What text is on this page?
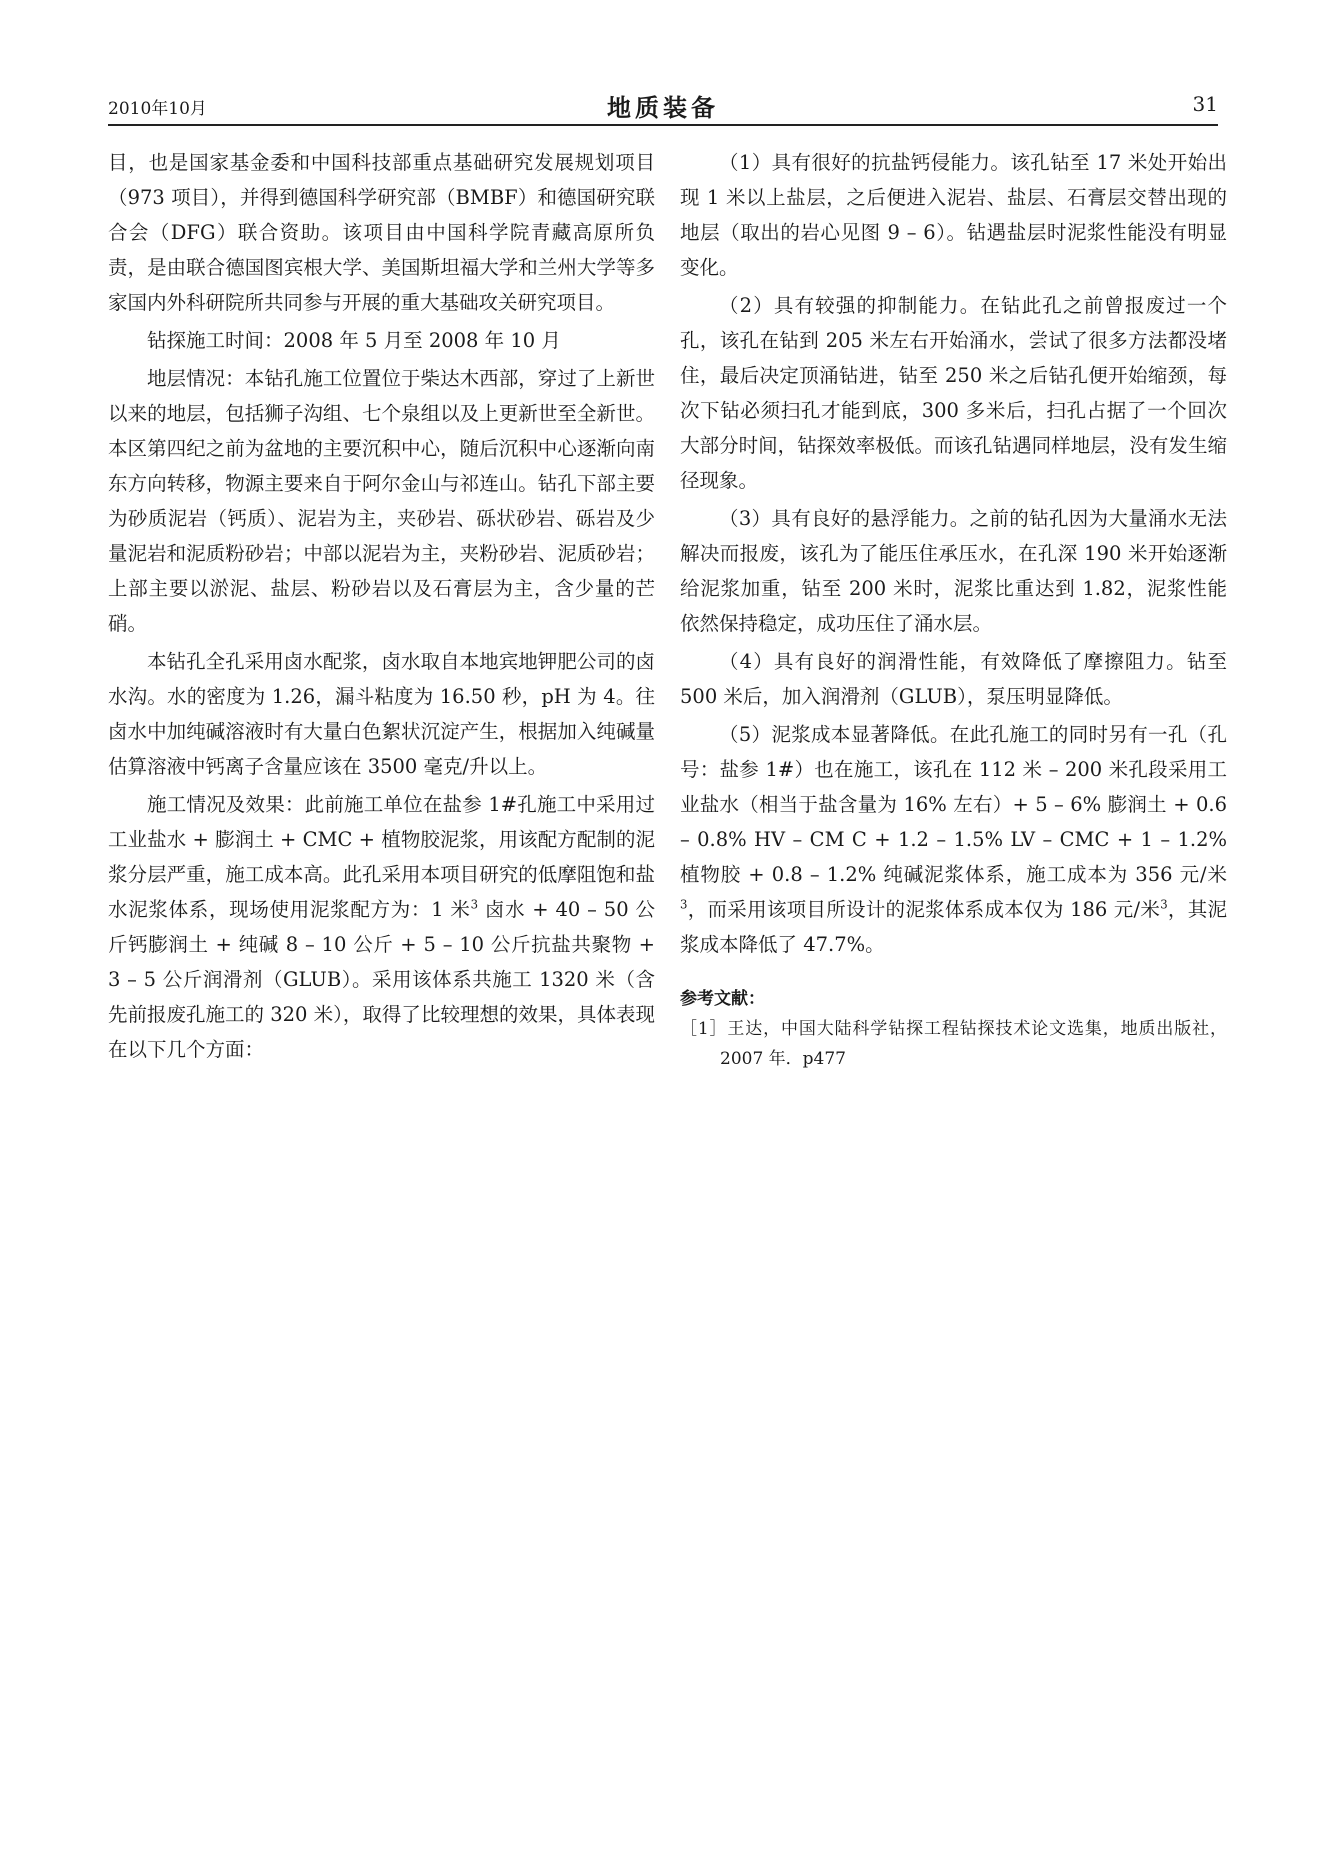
2010年10月	地质装备	31

目，也是国家基金委和中国科技部重点基础研究发展规划项目（973 项目），并得到德国科学研究部（BMBF）和德国研究联合会（DFG）联合资助。该项目由中国科学院青藏高原所负责，是由联合德国图宾根大学、美国斯坦福大学和兰州大学等多家国内外科研院所共同参与开展的重大基础攻关研究项目。

钻探施工时间：2008 年 5 月至 2008 年 10 月

地层情况：本钻孔施工位置位于柴达木西部，穿过了上新世以来的地层，包括狮子沟组、七个泉组以及上更新世至全新世。本区第四纪之前为盆地的主要沉积中心，随后沉积中心逐渐向南东方向转移，物源主要来自于阿尔金山与祁连山。钻孔下部主要为砂质泥岩（钙质）、泥岩为主，夹砂岩、砾状砂岩、砾岩及少量泥岩和泥质粉砂岩；中部以泥岩为主，夹粉砂岩、泥质砂岩；上部主要以淤泥、盐层、粉砂岩以及石膏层为主，含少量的芒硝。

本钻孔全孔采用卤水配浆，卤水取自本地宾地钾肥公司的卤水沟。水的密度为 1.26，漏斗粘度为 16.50 秒，pH 为 4。往卤水中加纯碱溶液时有大量白色絮状沉淀产生，根据加入纯碱量估算溶液中钙离子含量应该在 3500 毫克/升以上。

施工情况及效果：此前施工单位在盐参 1#孔施工中采用过工业盐水 + 膨润土 + CMC + 植物胶泥浆，用该配方配制的泥浆分层严重，施工成本高。此孔采用本项目研究的低摩阻饱和盐水泥浆体系，现场使用泥浆配方为：1 米$^3$ 卤水 + 40 – 50 公斤钙膨润土 + 纯碱 8 – 10 公斤 + 5 – 10 公斤抗盐共聚物 + 3 – 5 公斤润滑剂（GLUB）。采用该体系共施工 1320 米（含先前报废孔施工的 320 米），取得了比较理想的效果，具体表现在以下几个方面：

（1）具有很好的抗盐钙侵能力。该孔钻至 17 米处开始出现 1 米以上盐层，之后便进入泥岩、盐层、石膏层交替出现的地层（取出的岩心见图 9 – 6）。钻遇盐层时泥浆性能没有明显变化。

（2）具有较强的抑制能力。在钻此孔之前曾报废过一个孔，该孔在钻到 205 米左右开始涌水，尝试了很多方法都没堵住，最后决定顶涌钻进，钻至 250 米之后钻孔便开始缩颈，每次下钻必须扫孔才能到底，300 多米后，扫孔占据了一个回次大部分时间，钻探效率极低。而该孔钻遇同样地层，没有发生缩径现象。

（3）具有良好的悬浮能力。之前的钻孔因为大量涌水无法解决而报废，该孔为了能压住承压水，在孔深 190 米开始逐渐给泥浆加重，钻至 200 米时，泥浆比重达到 1.82，泥浆性能依然保持稳定，成功压住了涌水层。

（4）具有良好的润滑性能，有效降低了摩擦阻力。钻至 500 米后，加入润滑剂（GLUB），泵压明显降低。

（5）泥浆成本显著降低。在此孔施工的同时另有一孔（孔号：盐参 1#）也在施工，该孔在 112 米 – 200 米孔段采用工业盐水（相当于盐含量为 16% 左右）+ 5 – 6% 膨润土 + 0.6 – 0.8% HV – CM C + 1.2 – 1.5% LV – CMC + 1 – 1.2% 植物胶 + 0.8 – 1.2% 纯碱泥浆体系，施工成本为 356 元/米$^3$，而采用该项目所设计的泥浆体系成本仅为 186 元/米$^3$，其泥浆成本降低了 47.7%。

参考文献：
［1］王达，中国大陆科学钻探工程钻探技术论文选集，地质出版社，2007 年．p477
